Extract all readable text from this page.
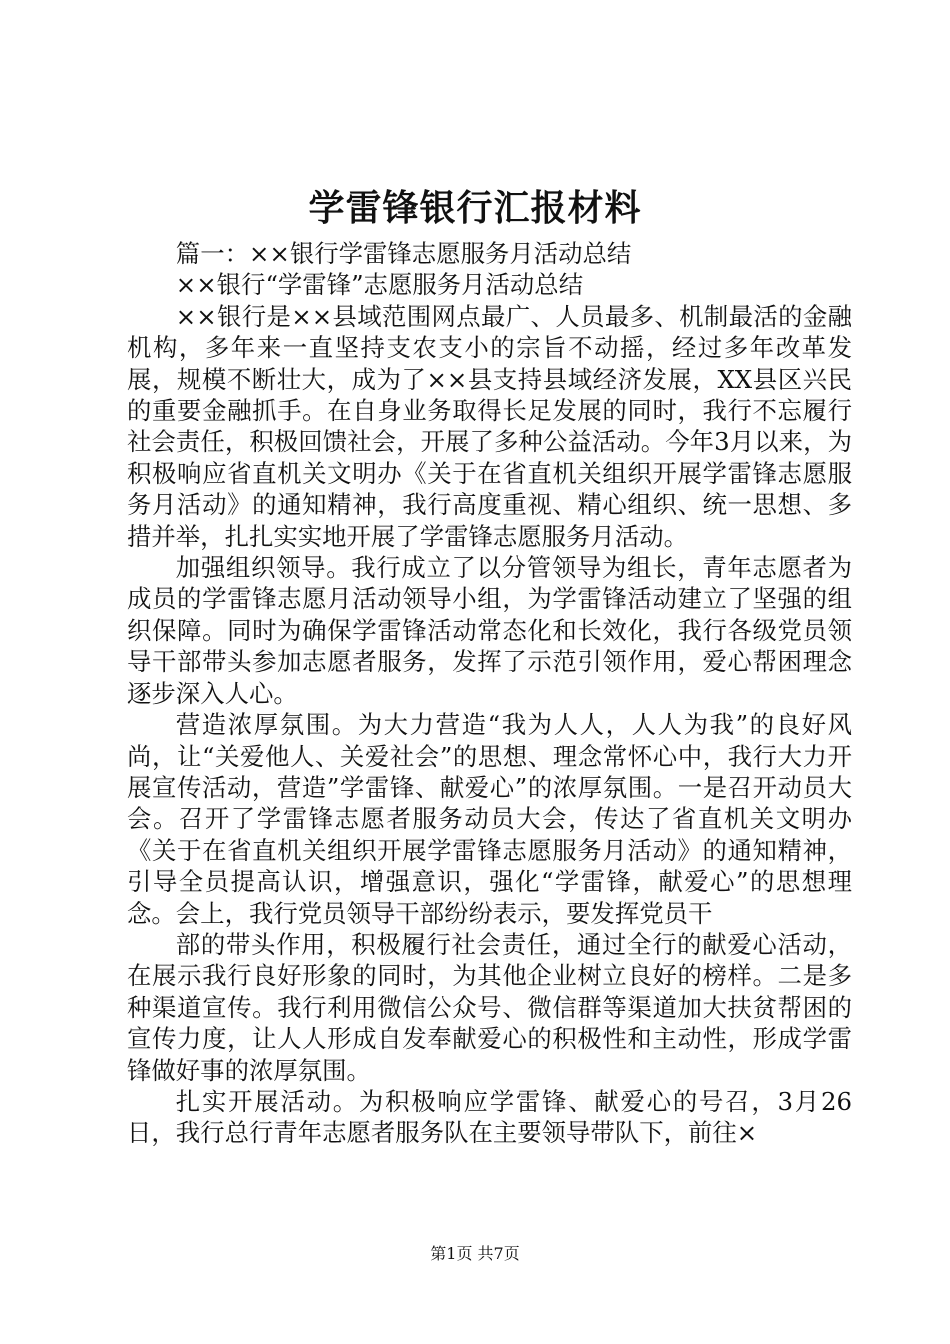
学雷锋银行汇报材料

篇一：××银行学雷锋志愿服务月活动总结

××银行“学雷锋”志愿服务月活动总结

××银行是××县域范围网点最广、人员最多、机制最活的金融机构，多年来一直坚持支农支小的宗旨不动摇，经过多年改革发展，规模不断壮大，成为了××县支持县域经济发展，XX县区兴民的重要金融抓手。在自身业务取得长足发展的同时，我行不忘履行社会责任，积极回馈社会，开展了多种公益活动。今年3月以来，为积极响应省直机关文明办《关于在省直机关组织开展学雷锋志愿服务月活动》的通知精神，我行高度重视、精心组织、统一思想、多措并举，扎扎实实地开展了学雷锋志愿服务月活动。

加强组织领导。我行成立了以分管领导为组长，青年志愿者为成员的学雷锋志愿月活动领导小组，为学雷锋活动建立了坚强的组织保障。同时为确保学雷锋活动常态化和长效化，我行各级党员领导干部带头参加志愿者服务，发挥了示范引领作用，爱心帮困理念逐步深入人心。

营造浓厚氛围。为大力营造“我为人人，人人为我”的良好风尚，让“关爱他人、关爱社会”的思想、理念常怀心中，我行大力开展宣传活动，营造”学雷锋、献爱心”的浓厚氛围。一是召开动员大会。召开了学雷锋志愿者服务动员大会，传达了省直机关文明办《关于在省直机关组织开展学雷锋志愿服务月活动》的通知精神，引导全员提高认识，增强意识，强化“学雷锋，献爱心”的思想理念。会上，我行党员领导干部纷纷表示，要发挥党员干

部的带头作用，积极履行社会责任，通过全行的献爱心活动，在展示我行良好形象的同时，为其他企业树立良好的榜样。二是多种渠道宣传。我行利用微信公众号、微信群等渠道加大扶贫帮困的宣传力度，让人人形成自发奉献爱心的积极性和主动性，形成学雷锋做好事的浓厚氛围。

扎实开展活动。为积极响应学雷锋、献爱心的号召，3月26日，我行总行青年志愿者服务队在主要领导带队下，前往×

第1页 共7页
